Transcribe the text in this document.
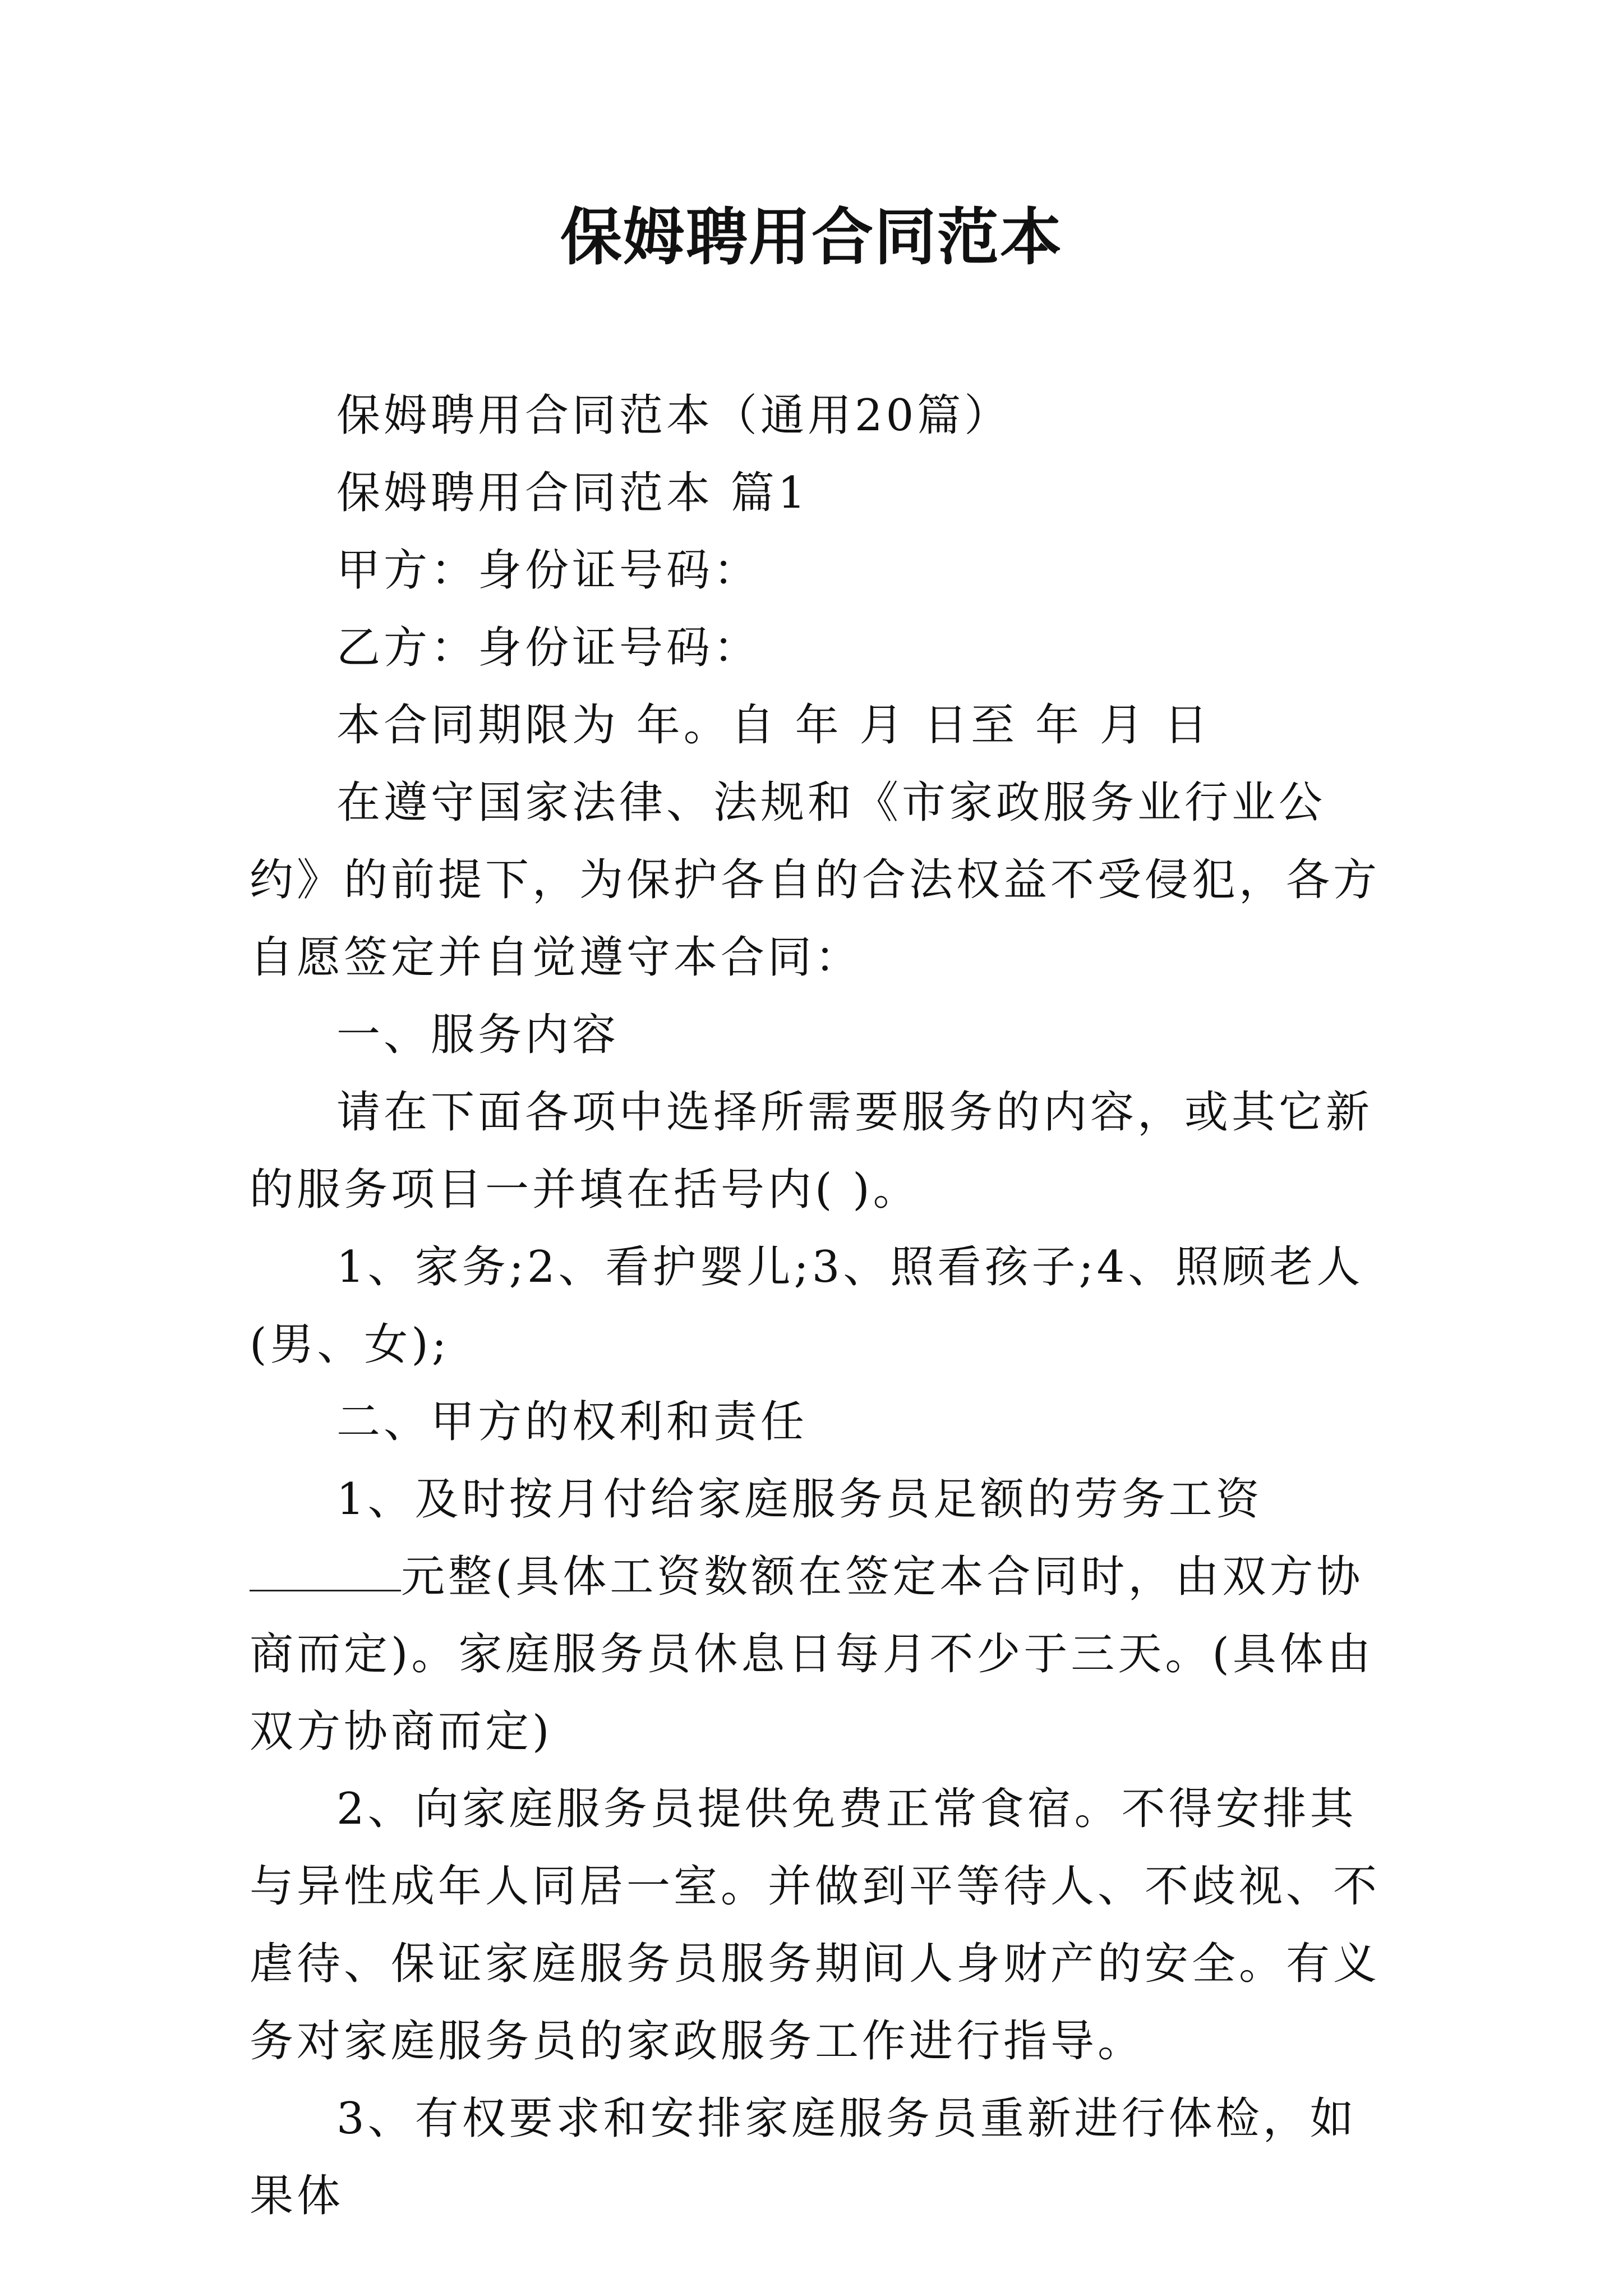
保姆聘用合同范本

保姆聘用合同范本（通用20篇）

保姆聘用合同范本 篇1

甲方：身份证号码：

乙方：身份证号码：

本合同期限为 年。自 年 月 日至 年 月 日

在遵守国家法律、法规和《市家政服务业行业公约》的前提下，为保护各自的合法权益不受侵犯，各方自愿签定并自觉遵守本合同：

一、服务内容

请在下面各项中选择所需要服务的内容，或其它新的服务项目一并填在括号内( )。

1、家务;2、看护婴儿;3、照看孩子;4、照顾老人(男、女);

二、甲方的权利和责任

1、及时按月付给家庭服务员足额的劳务工资元整(具体工资数额在签定本合同时，由双方协商而定)。家庭服务员休息日每月不少于三天。(具体由双方协商而定)

2、向家庭服务员提供免费正常食宿。不得安排其与异性成年人同居一室。并做到平等待人、不歧视、不虐待、保证家庭服务员服务期间人身财产的安全。有义务对家庭服务员的家政服务工作进行指导。

3、有权要求和安排家庭服务员重新进行体检，如果体
